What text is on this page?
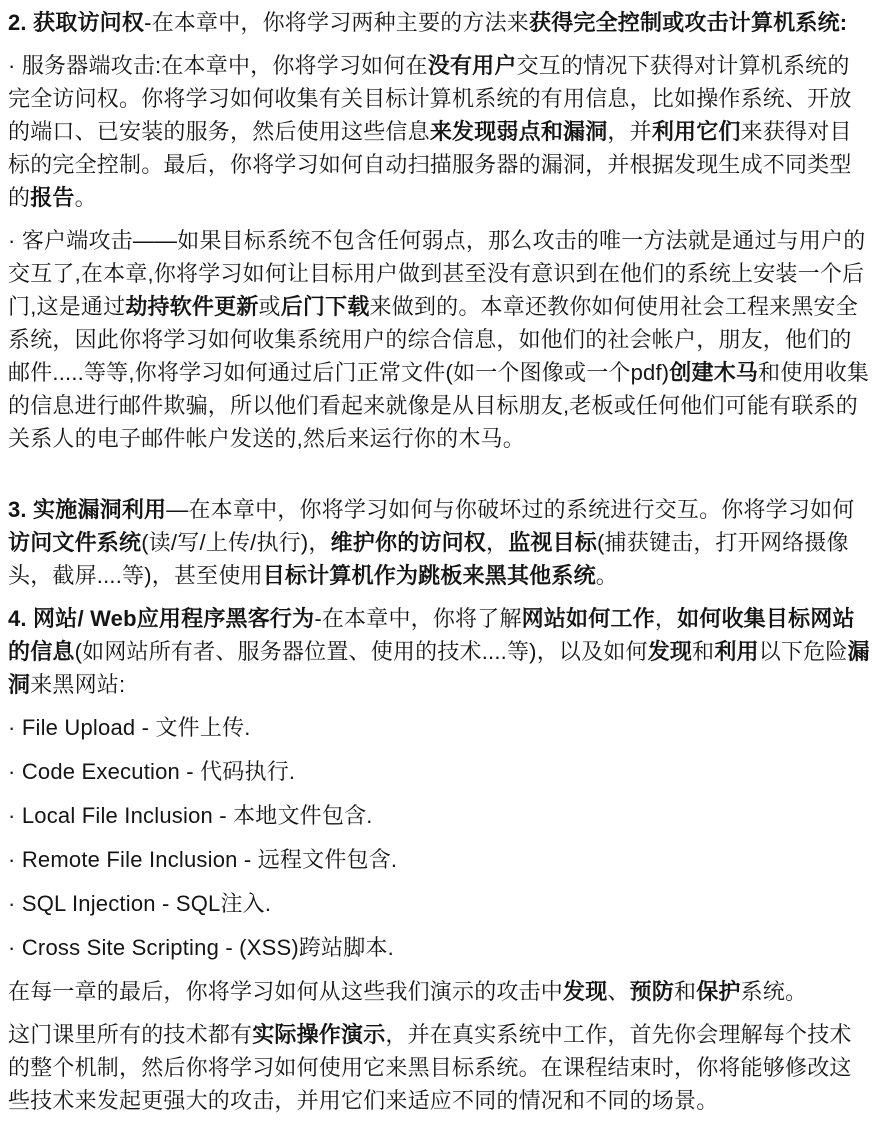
2. 获取访问权-在本章中，你将学习两种主要的方法来获得完全控制或攻击计算机系统:

· 服务器端攻击:在本章中，你将学习如何在没有用户交互的情况下获得对计算机系统的完全访问权。你将学习如何收集有关目标计算机系统的有用信息，比如操作系统、开放的端口、已安装的服务，然后使用这些信息来发现弱点和漏洞，并利用它们来获得对目标的完全控制。最后，你将学习如何自动扫描服务器的漏洞，并根据发现生成不同类型的报告。

· 客户端攻击——如果目标系统不包含任何弱点，那么攻击的唯一方法就是通过与用户的交互了,在本章,你将学习如何让目标用户做到甚至没有意识到在他们的系统上安装一个后门,这是通过劫持软件更新或后门下载来做到的。本章还教你如何使用社会工程来黑安全系统，因此你将学习如何收集系统用户的综合信息，如他们的社会帐户，朋友，他们的邮件.....等等,你将学习如何通过后门正常文件(如一个图像或一个pdf)创建木马和使用收集的信息进行邮件欺骗，所以他们看起来就像是从目标朋友,老板或任何他们可能有联系的关系人的电子邮件帐户发送的,然后来运行你的木马。

3. 实施漏洞利用—在本章中，你将学习如何与你破坏过的系统进行交互。你将学习如何访问文件系统(读/写/上传/执行)，维护你的访问权，监视目标(捕获键击，打开网络摄像头，截屏....等)，甚至使用目标计算机作为跳板来黑其他系统。

4. 网站/ Web应用程序黑客行为-在本章中，你将了解网站如何工作，如何收集目标网站的信息(如网站所有者、服务器位置、使用的技术....等)，以及如何发现和利用以下危险漏洞来黑网站:

· File Upload - 文件上传.

· Code Execution - 代码执行.

· Local File Inclusion - 本地文件包含.

· Remote File Inclusion - 远程文件包含.

· SQL Injection - SQL注入.

· Cross Site Scripting - (XSS)跨站脚本.

在每一章的最后，你将学习如何从这些我们演示的攻击中发现、预防和保护系统。

这门课里所有的技术都有实际操作演示，并在真实系统中工作，首先你会理解每个技术的整个机制，然后你将学习如何使用它来黑目标系统。在课程结束时，你将能够修改这些技术来发起更强大的攻击，并用它们来适应不同的情况和不同的场景。
